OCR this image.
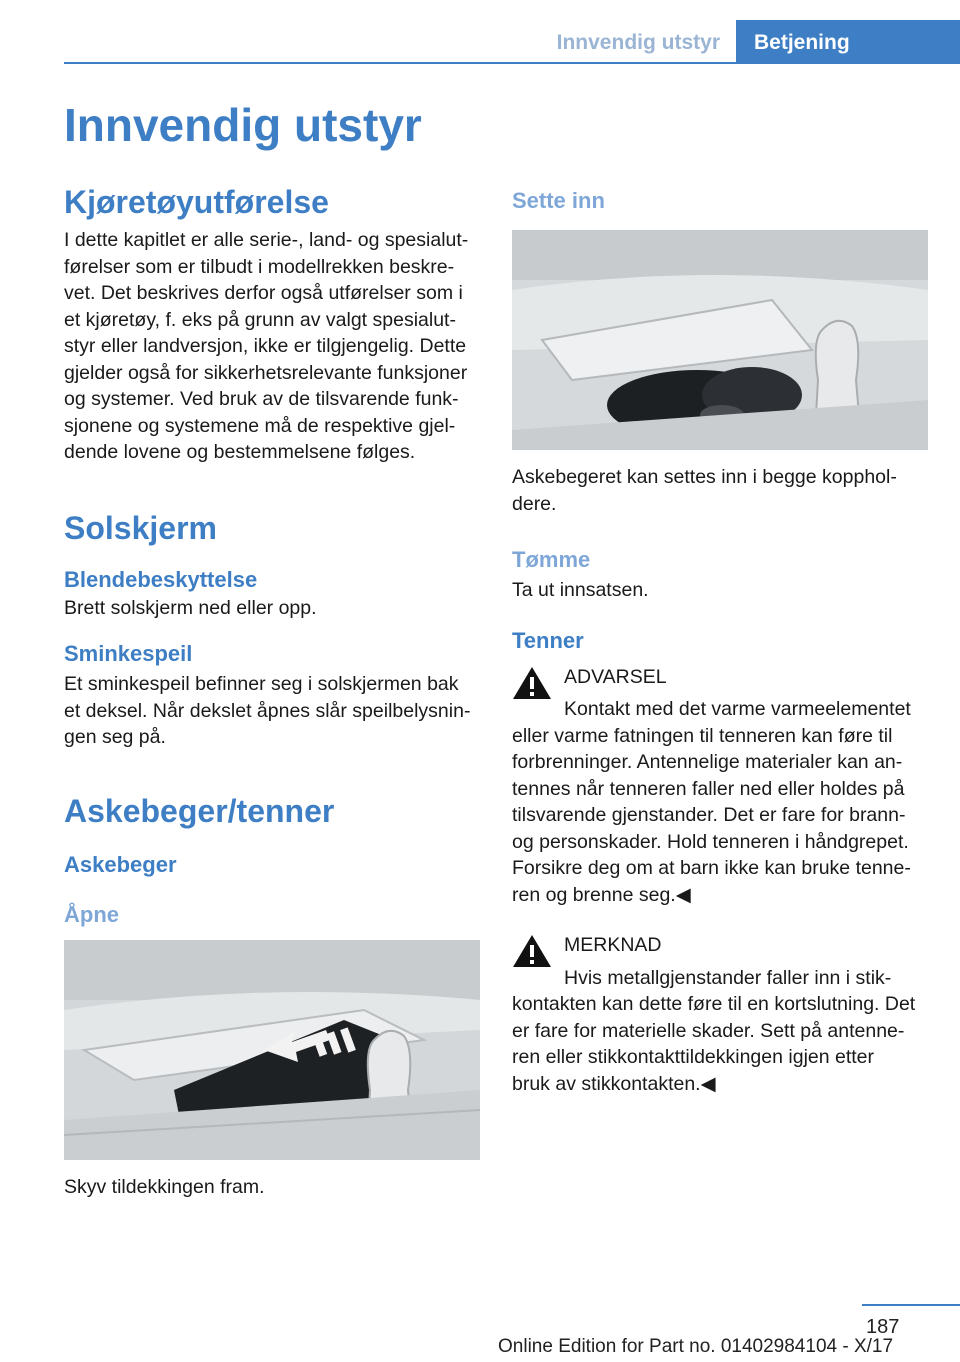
Innvendig utstyr	Betjening
Innvendig utstyr
Kjøretøyutførelse

I dette kapitlet er alle serie-, land- og spesialut‐
førelser som er tilbudt i modellrekken beskre‐
vet. Det beskrives derfor også utførelser som i
et kjøretøy, f. eks på grunn av valgt spesialut‐
styr eller landversjon, ikke er tilgjengelig. Dette
gjelder også for sikkerhetsrelevante funksjoner
og systemer. Ved bruk av de tilsvarende funk‐
sjonene og systemene må de respektive gjel‐
dende lovene og bestemmelsene følges.

Solskjerm
Blendebeskyttelse

Brett solskjerm ned eller opp.

Sminkespeil

Et sminkespeil befinner seg i solskjermen bak
et deksel. Når dekslet åpnes slår speilbelysnin‐
gen seg på.

Askebeger/tenner
Askebeger
Åpne

Skyv tildekkingen fram.

Sette inn

Askebegeret kan settes inn i begge kopphol‐
dere.

Tømme

Ta ut innsatsen.

Tenner
ADVARSEL

Kontakt med det varme varmeelementet
eller varme fatningen til tenneren kan føre til
forbrenninger. Antennelige materialer kan an‐
tennes når tenneren faller ned eller holdes på
tilsvarende gjenstander. Det er fare for brann-
og personskader. Hold tenneren i håndgrepet.
Forsikre deg om at barn ikke kan bruke tenne‐
ren og brenne seg.◀

MERKNAD

Hvis metallgjenstander faller inn i stik‐
kontakten kan dette føre til en kortslutning. Det
er fare for materielle skader. Sett på antenne‐
ren eller stikkontakttildekkingen igjen etter
bruk av stikkontakten.◀

187
Online Edition for Part no. 01402984104 - X/17
